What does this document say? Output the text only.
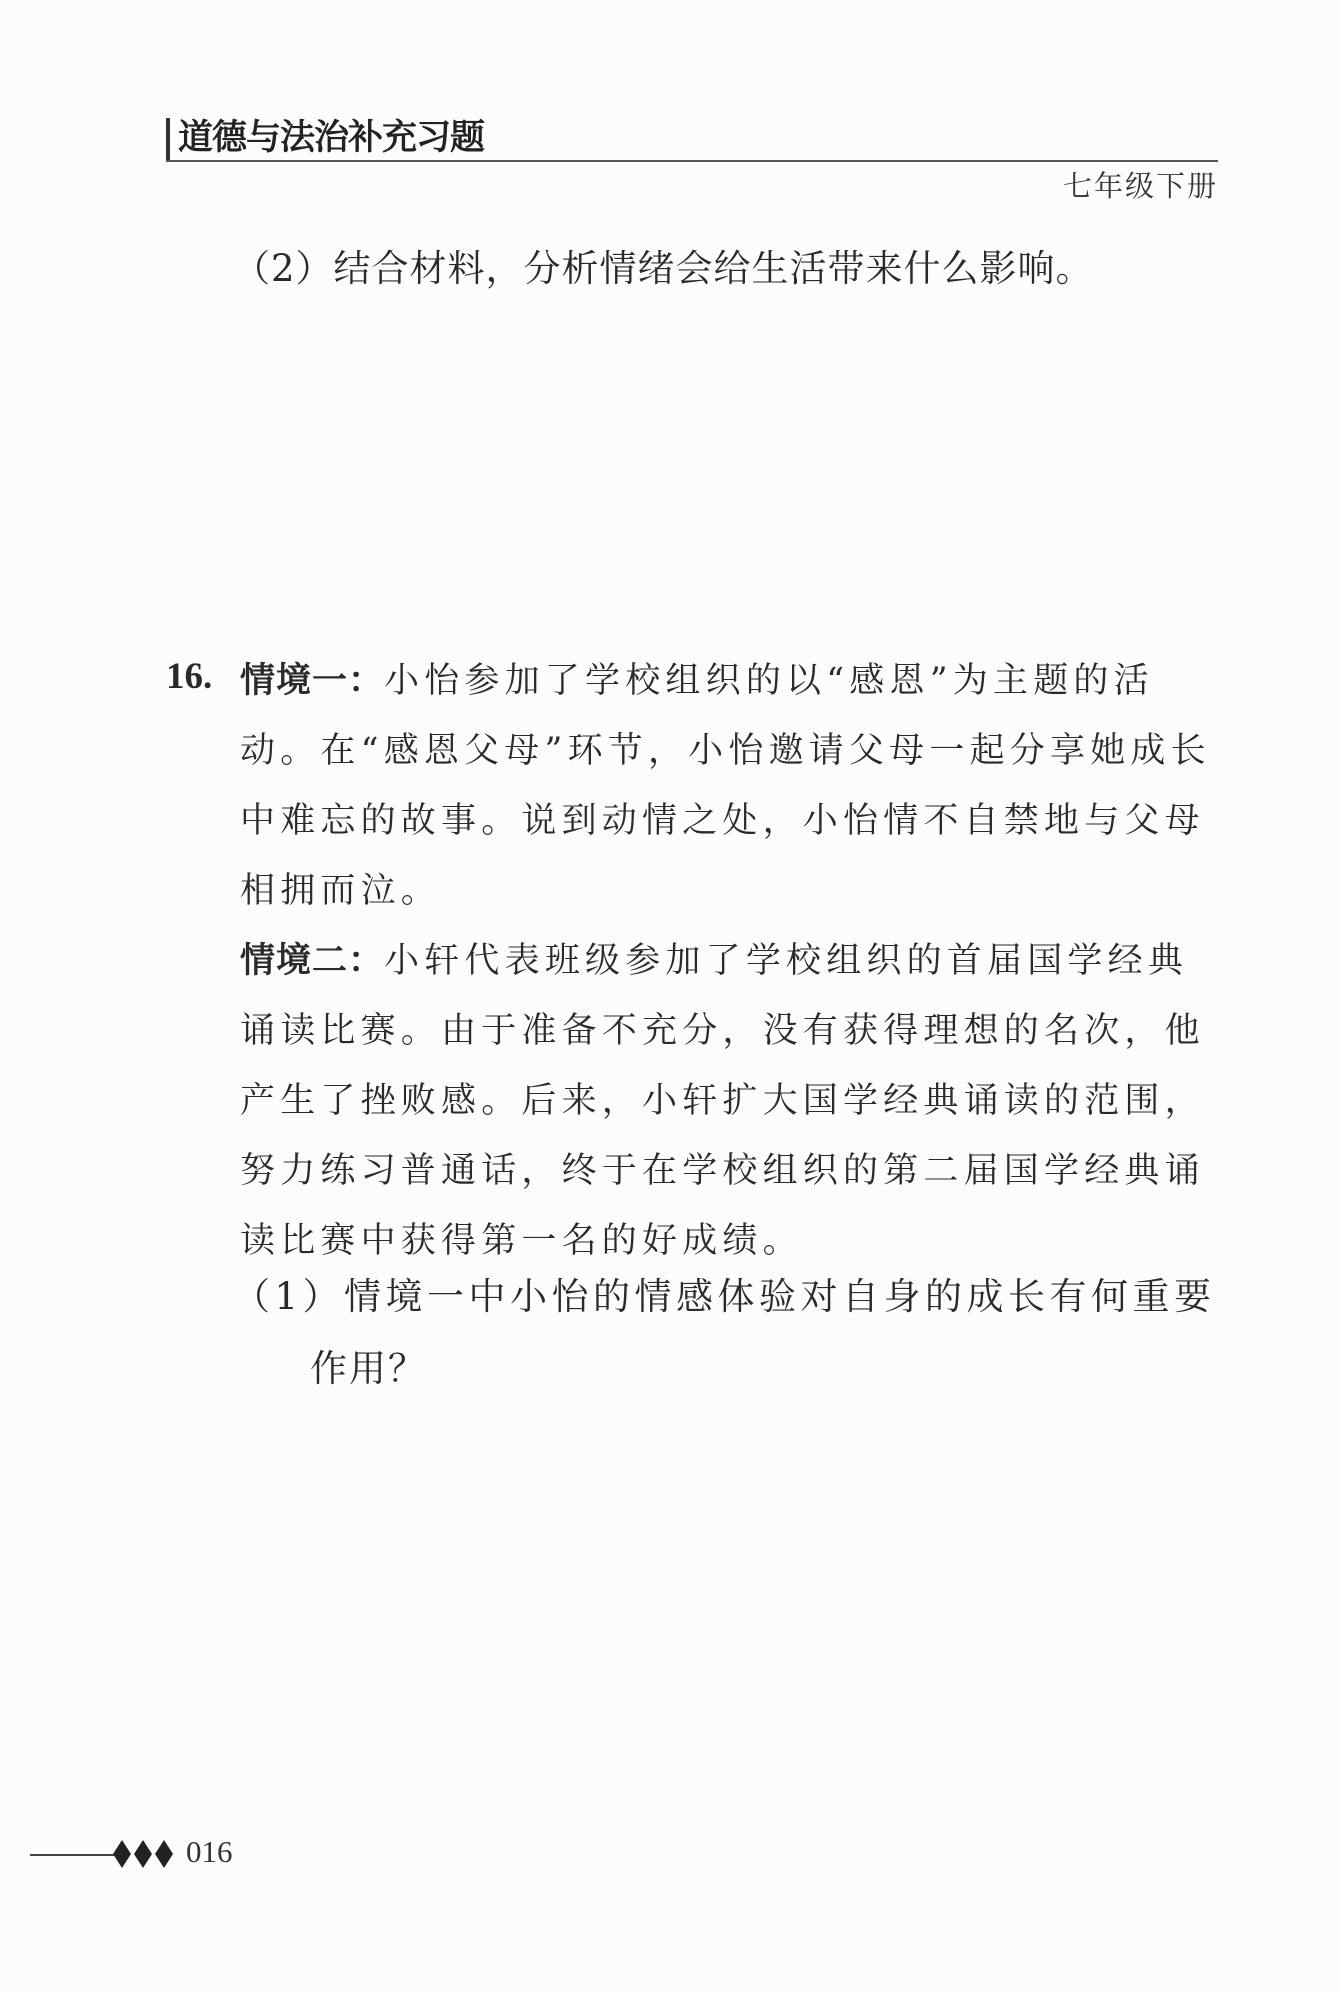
道德与法治补充习题
七年级下册
（2）结合材料，分析情绪会给生活带来什么影响。
16. 情境一：小怡参加了学校组织的以“感恩”为主题的活动。在“感恩父母”环节，小怡邀请父母一起分享她成长中难忘的故事。说到动情之处，小怡情不自禁地与父母相拥而泣。
情境二：小轩代表班级参加了学校组织的首届国学经典诵读比赛。由于准备不充分，没有获得理想的名次，他产生了挫败感。后来，小轩扩大国学经典诵读的范围，努力练习普通话，终于在学校组织的第二届国学经典诵读比赛中获得第一名的好成绩。
（1）情境一中小怡的情感体验对自身的成长有何重要
作用？
016
